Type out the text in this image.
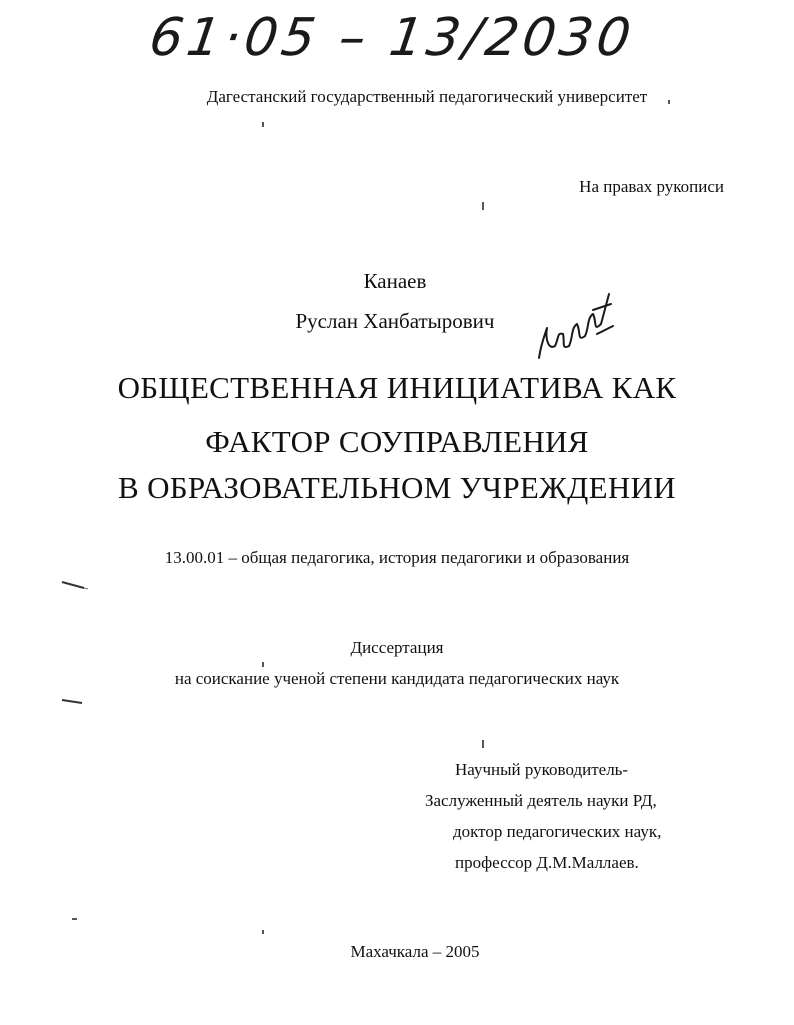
61·05 – 13/2030
Дагестанский государственный педагогический университет
На правах рукописи
Канаев
Руслан Ханбатырович
ОБЩЕСТВЕННАЯ ИНИЦИАТИВА КАК
ФАКТОР СОУПРАВЛЕНИЯ
В ОБРАЗОВАТЕЛЬНОМ УЧРЕЖДЕНИИ
13.00.01 – общая педагогика, история педагогики и образования
Диссертация
на соискание ученой степени кандидата педагогических наук
Научный руководитель-
Заслуженный деятель науки РД,
доктор педагогических наук,
профессор Д.М.Маллаев.
Махачкала – 2005
